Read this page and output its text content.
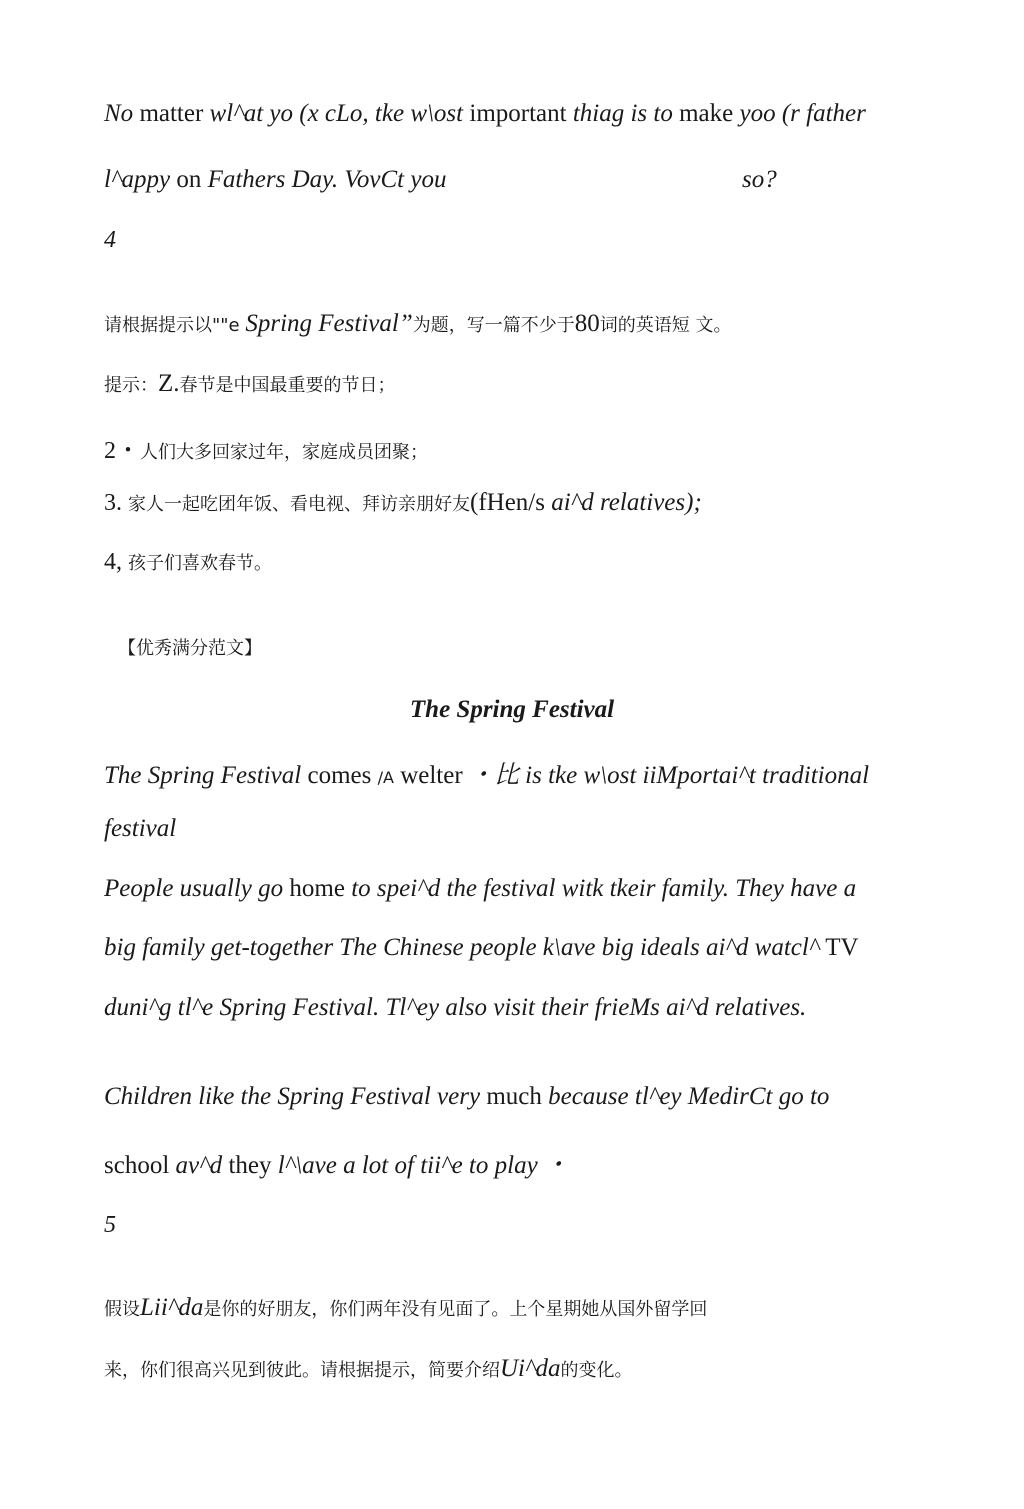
No matter wl^at yo (x cLo, tke w\ost important thiag is to make yoo (r father
l^appy on Fathers Day. VovCt you	so?
4
请根据提示以""e Spring Festival”为题，写一篇不少于80词的英语短 文。
提示：Z.春节是中国最重要的节日；
2・人们大多回家过年，家庭成员团聚；
3. 家人一起吃团年饭、看电视、拜访亲朋好友(fHen/s ai^d relatives);
4, 孩子们喜欢春节。
【优秀满分范文】
The Spring Festival
The Spring Festival comes /A welter ・比 is tke w\ost iiMportai^t traditional
festival
People usually go home to spei^d the festival witk tkeir family. They have a
big family get-together The Chinese people k\ave big ideals ai^d watcl^ TV
duni^g tl^e Spring Festival. Tl^ey also visit their frieMs ai^d relatives.
Children like the Spring Festival very much because tl^ey MedirCt go to
school av^d they l^\ave a lot of tii^e to play ・
5
假设Lii^da是你的好朋友，你们两年没有见面了。上个星期她从国外留学回
来，你们很高兴见到彼此。请根据提示，简要介绍Ui^da的变化。
